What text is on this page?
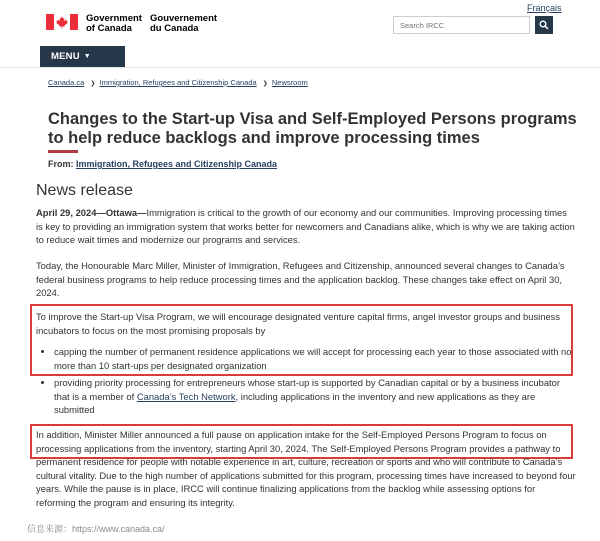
Français
Government
of Canada
Gouvernement
du Canada
Search IRCC
MENU ▼
Canada.ca ❯ Immigration, Refugees and Citizenship Canada ❯ Newsroom
Changes to the Start-up Visa and Self-Employed Persons programs to help reduce backlogs and improve processing times
From: Immigration, Refugees and Citizenship Canada
News release
April 29, 2024—Ottawa—Immigration is critical to the growth of our economy and our communities. Improving processing times is key to providing an immigration system that works better for newcomers and Canadians alike, which is why we are taking action to reduce wait times and modernize our programs and services.
Today, the Honourable Marc Miller, Minister of Immigration, Refugees and Citizenship, announced several changes to Canada’s federal business programs to help reduce processing times and the application backlog. These changes take effect on April 30, 2024.
To improve the Start-up Visa Program, we will encourage designated venture capital firms, angel investor groups and business incubators to focus on the most promising proposals by
• capping the number of permanent residence applications we will accept for processing each year to those associated with no more than 10 start-ups per designated organization
• providing priority processing for entrepreneurs whose start-up is supported by Canadian capital or by a business incubator that is a member of Canada’s Tech Network, including applications in the inventory and new applications as they are submitted
In addition, Minister Miller announced a full pause on application intake for the Self-Employed Persons Program to focus on processing applications from the inventory, starting April 30, 2024. The Self-Employed Persons Program provides a pathway to permanent residence for people with notable experience in art, culture, recreation or sports and who will contribute to Canada’s cultural vitality. Due to the high number of applications submitted for this program, processing times have increased to beyond four years. While the pause is in place, IRCC will continue finalizing applications from the backlog while assessing options for reforming the program and ensuring its integrity.
信息来源：https://www.canada.ca/
